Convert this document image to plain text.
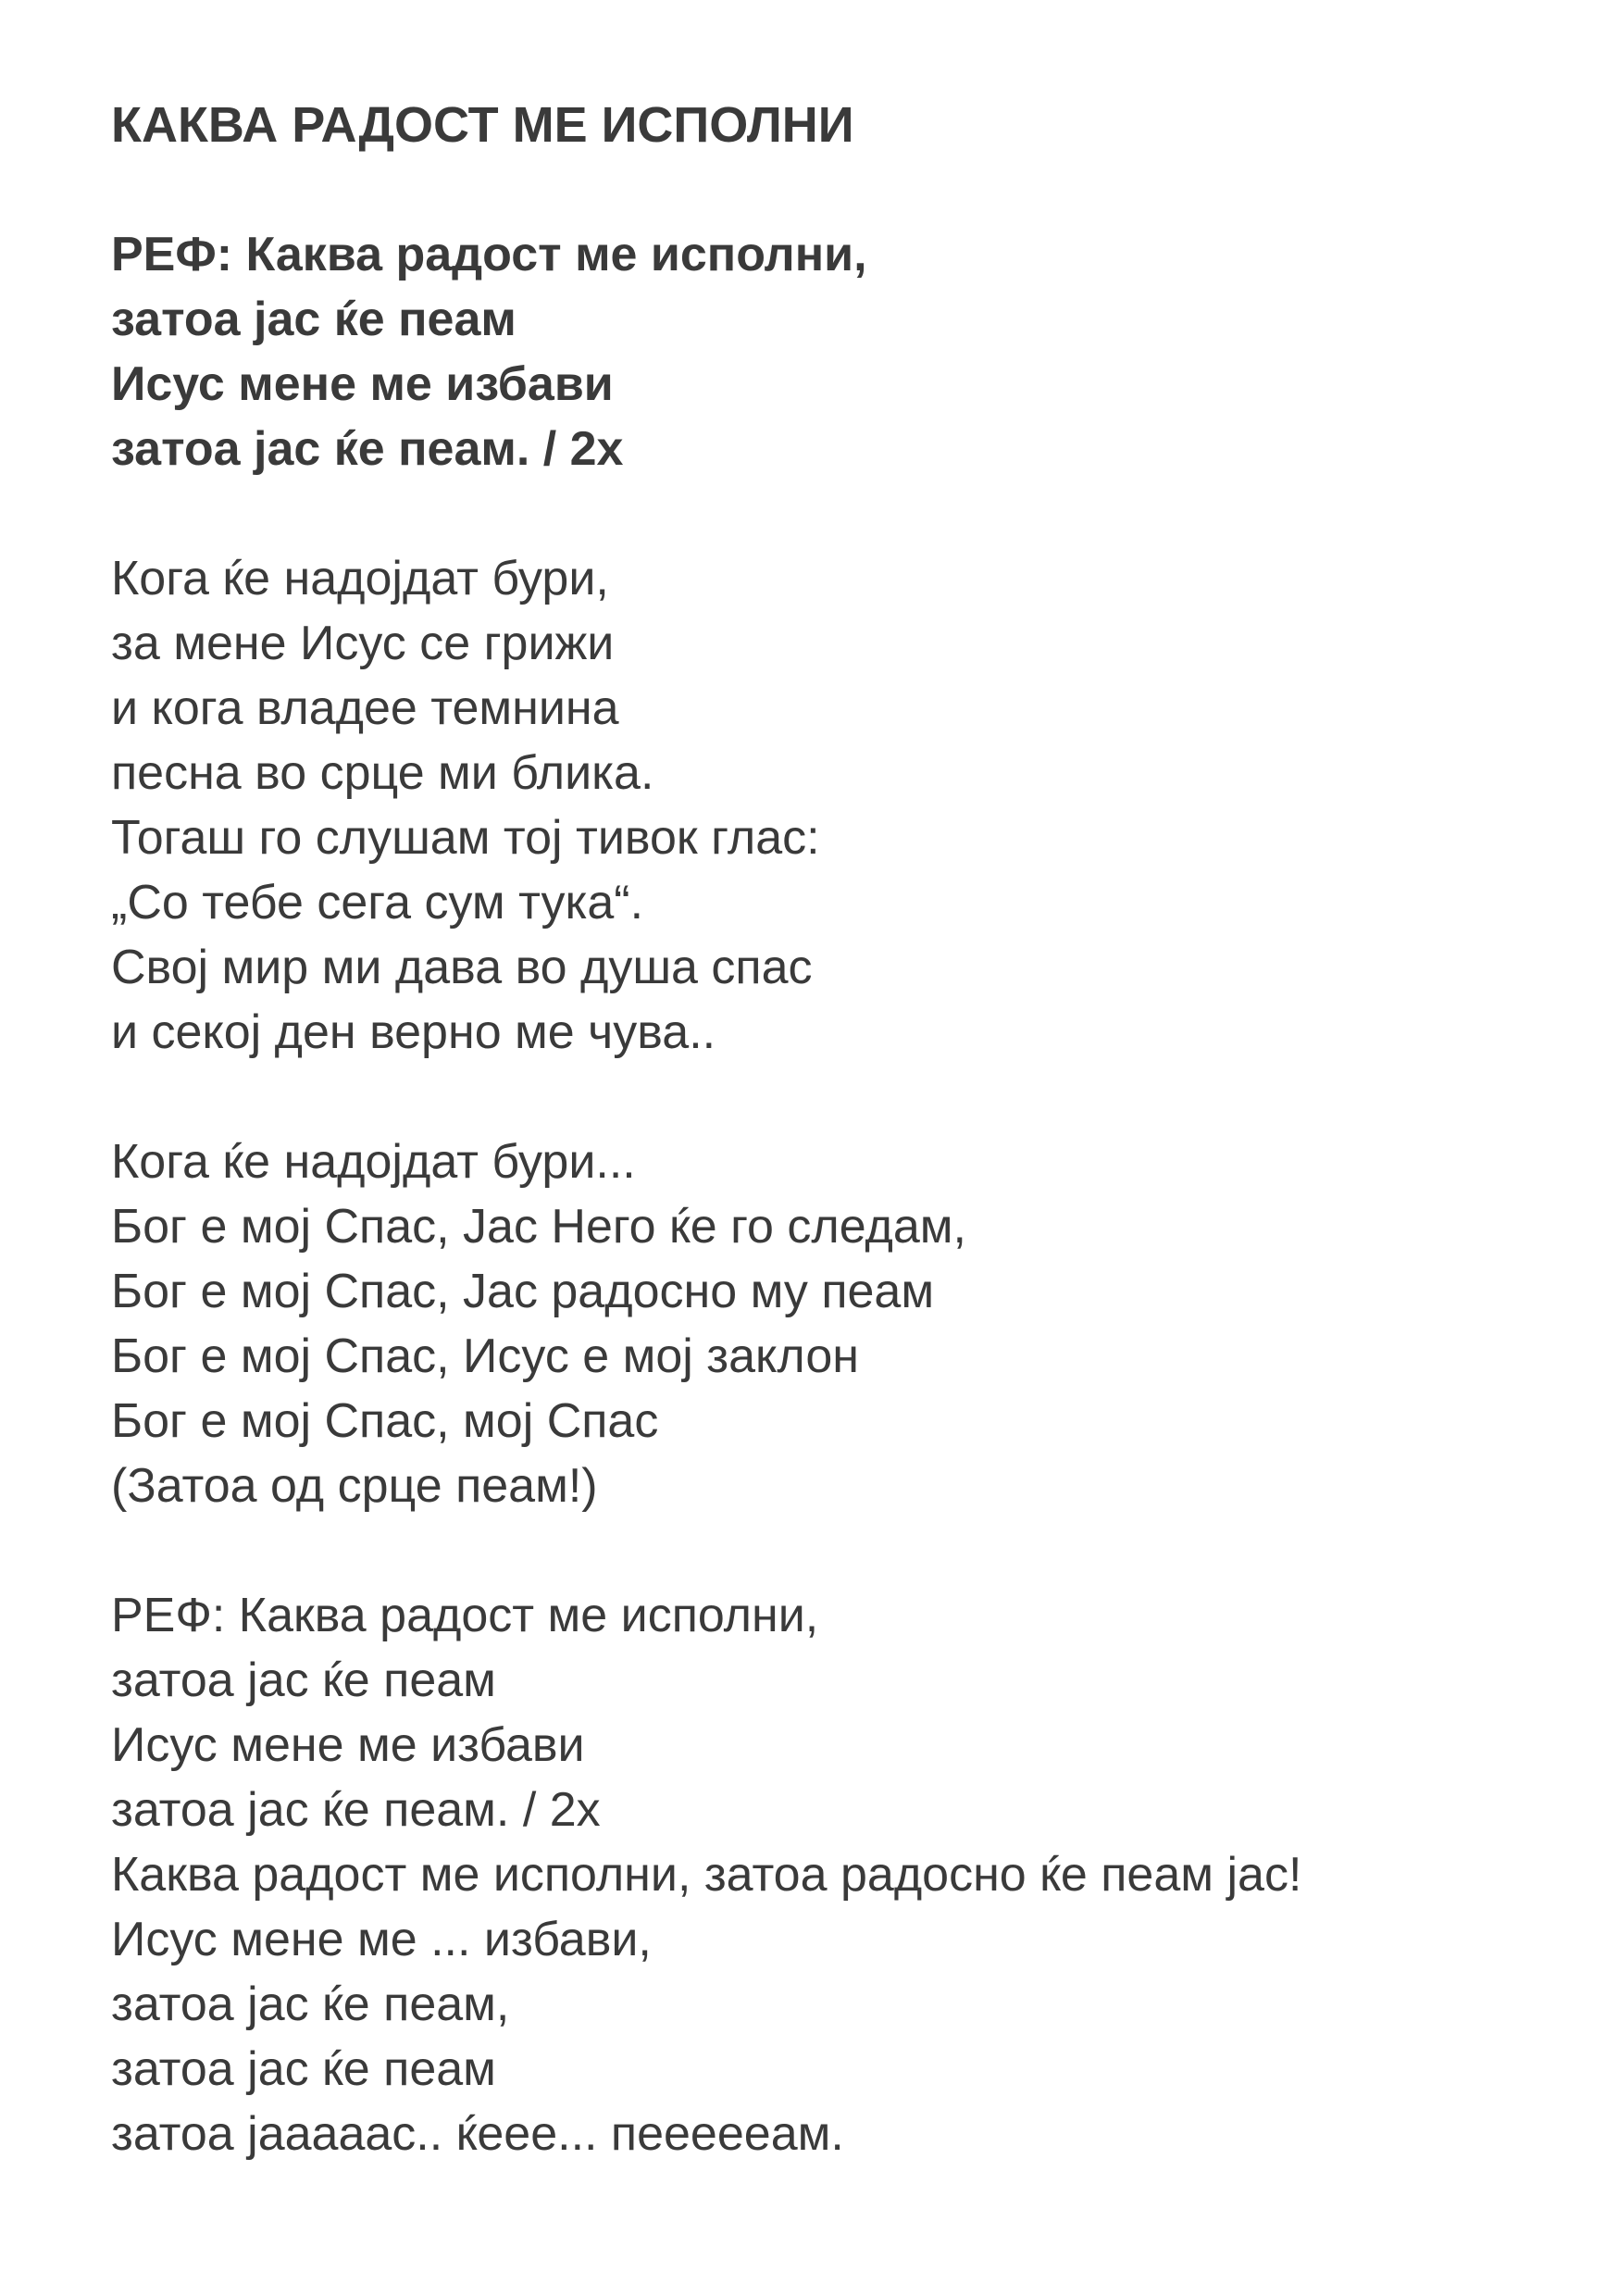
КАКВА РАДОСТ МЕ ИСПОЛНИ

РЕФ: Каква радост ме исполни,

затоа јас ќе пеам

Исус мене ме избави

затоа јас ќе пеам. / 2x

Кога ќе надојдат бури,

за мене Исус се грижи

и кога владее темнина

песна во срце ми блика.

Тогаш го слушам тој тивок глас:

„Со тебе сега сум тука“.

Свој мир ми дава во душа спас

и секој ден верно ме чува..

Кога ќе надојдат бури...

Бог е мој Спас, Јас Него ќе го следам,

Бог е мој Спас, Јас радосно му пеам

Бог е мој Спас, Исус е мој заклон

Бог е мој Спас, мој Спас

(Затоа од срце пеам!)

РЕФ: Каква радост ме исполни,

затоа јас ќе пеам

Исус мене ме избави

затоа јас ќе пеам. / 2x

Каква радост ме исполни, затоа радосно ќе пеам јас!

Исус мене ме ... избави,

затоа јас ќе пеам,

затоа јас ќе пеам

затоа јааааас.. ќеее... пееееeам.
